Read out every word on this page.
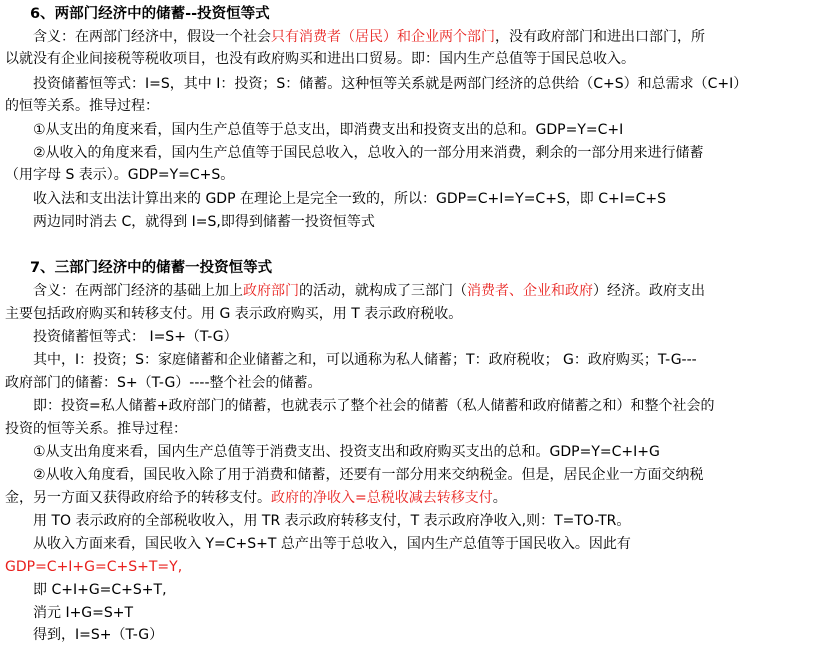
6、两部门经济中的储蓄--投资恒等式
含义：在两部门经济中，假设一个社会只有消费者（居民）和企业两个部门，没有政府部门和进出口部门，所
以就没有企业间接税等税收项目，也没有政府购买和进出口贸易。即：国内生产总值等于国民总收入。
投资储蓄恒等式：I=S，其中 I：投资；S：储蓄。这种恒等关系就是两部门经济的总供给（C+S）和总需求（C+I）
的恒等关系。推导过程：
①从支出的角度来看，国内生产总值等于总支出，即消费支出和投资支出的总和。GDP=Y=C+I
②从收入的角度来看，国内生产总值等于国民总收入，总收入的一部分用来消费，剩余的一部分用来进行储蓄
（用字母 S 表示）。GDP=Y=C+S。
收入法和支出法计算出来的 GDP 在理论上是完全一致的，所以：GDP=C+I=Y=C+S，即 C+I=C+S
两边同时消去 C，就得到 I=S,即得到储蓄一投资恒等式
7、三部门经济中的储蓄一投资恒等式
含义：在两部门经济的基础上加上政府部门的活动，就构成了三部门（消费者、企业和政府）经济。政府支出
主要包括政府购买和转移支付。用 G 表示政府购买，用 T 表示政府税收。
投资储蓄恒等式： I=S+（T-G）
其中，I：投资；S：家庭储蓄和企业储蓄之和，可以通称为私人储蓄；T：政府税收； G：政府购买；T-G---
政府部门的储蓄：S+（T-G）----整个社会的储蓄。
即：投资=私人储蓄+政府部门的储蓄，也就表示了整个社会的储蓄（私人储蓄和政府储蓄之和）和整个社会的
投资的恒等关系。推导过程：
①从支出角度来看，国内生产总值等于消费支出、投资支出和政府购买支出的总和。GDP=Y=C+I+G
②从收入角度看，国民收入除了用于消费和储蓄，还要有一部分用来交纳税金。但是，居民企业一方面交纳税
金，另一方面又获得政府给予的转移支付。政府的净收入=总税收减去转移支付。
用 TO 表示政府的全部税收收入，用 TR 表示政府转移支付，T 表示政府净收入,则：T=TO-TR。
从收入方面来看，国民收入 Y=C+S+T 总产出等于总收入，国内生产总值等于国民收入。因此有
GDP=C+I+G=C+S+T=Y,
即 C+I+G=C+S+T,
消元 I+G=S+T
得到，I=S+（T-G）
